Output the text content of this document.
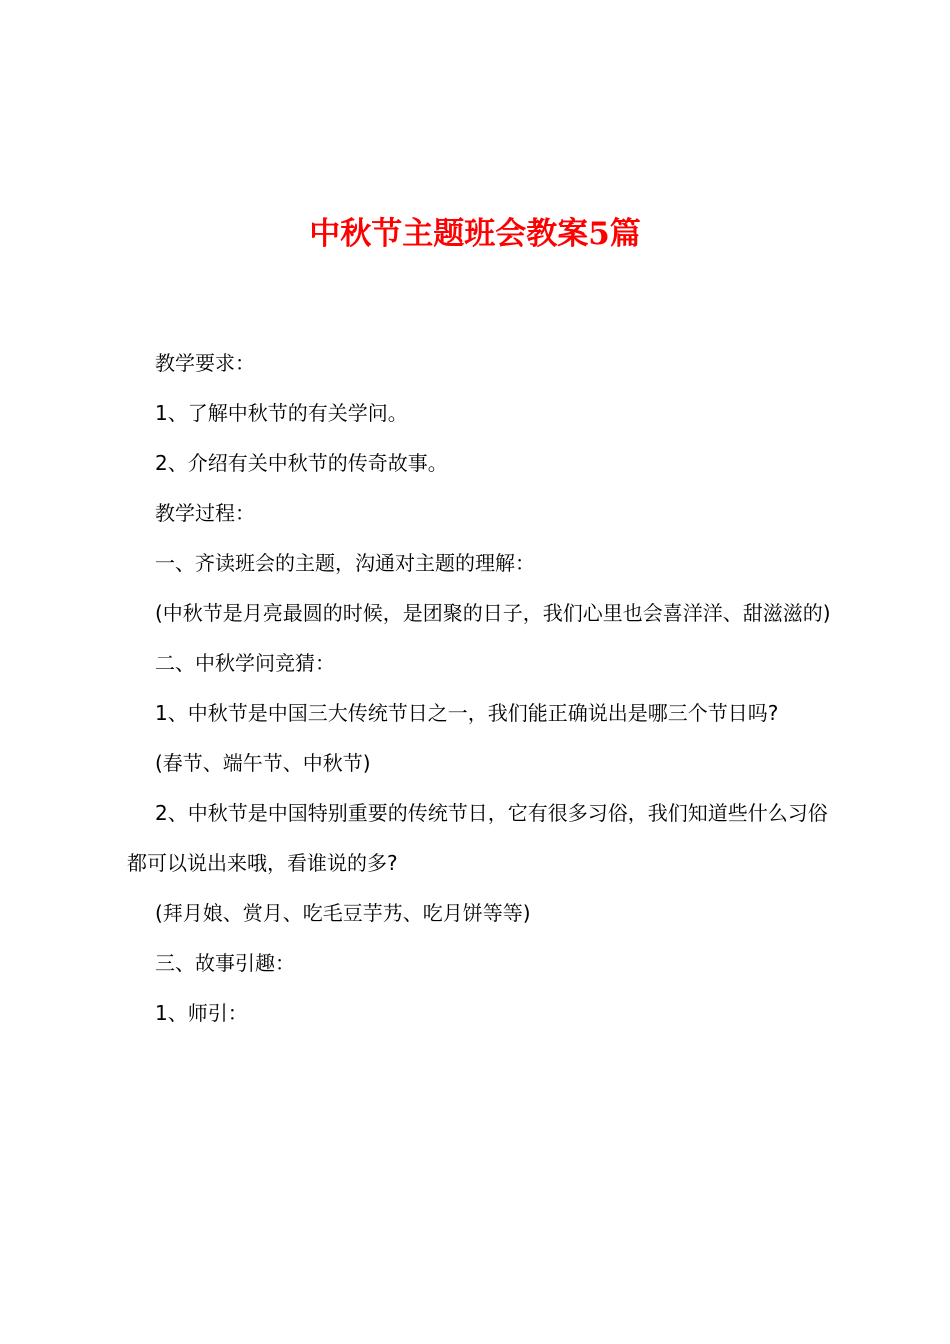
中秋节主题班会教案5篇

教学要求：

1、了解中秋节的有关学问。

2、介绍有关中秋节的传奇故事。

教学过程：

一、齐读班会的主题，沟通对主题的理解：

(中秋节是月亮最圆的时候，是团聚的日子，我们心里也会喜洋洋、甜滋滋的)

二、中秋学问竞猜：

1、中秋节是中国三大传统节日之一，我们能正确说出是哪三个节日吗?

(春节、端午节、中秋节)

2、中秋节是中国特别重要的传统节日，它有很多习俗，我们知道些什么习俗都可以说出来哦，看谁说的多?

(拜月娘、赏月、吃毛豆芋艿、吃月饼等等)

三、故事引趣：

1、师引：
